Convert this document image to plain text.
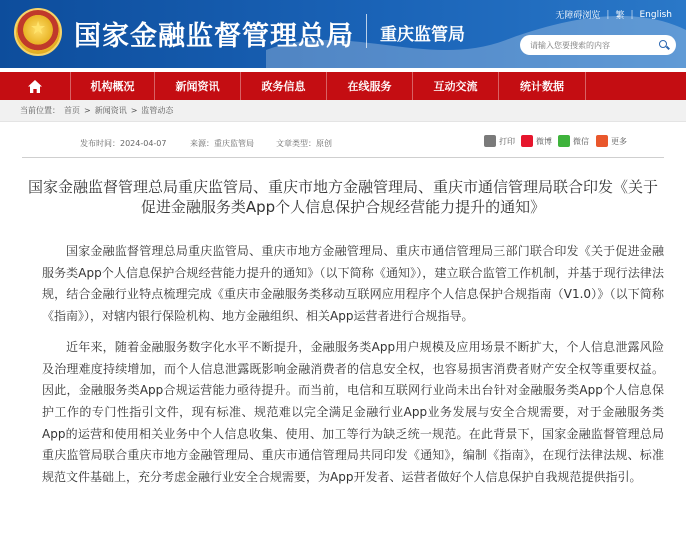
★ 国家金融监督管理总局 重庆监管局
无障碍浏览 | 繁 | English
请输入您要搜索的内容
机构概况	新闻资讯	政务信息	在线服务	互动交流	统计数据
当前位置： 首页 > 新闻资讯 > 监管动态
发布时间：2024-04-07	来源：重庆监管局	文章类型：原创	打印	微博	微信	更多
国家金融监督管理总局重庆监管局、重庆市地方金融管理局、重庆市通信管理局联合印发《关于促进金融服务类App个人信息保护合规经营能力提升的通知》

国家金融监督管理总局重庆监管局、重庆市地方金融管理局、重庆市通信管理局三部门联合印发《关于促进金融服务类App个人信息保护合规经营能力提升的通知》（以下简称《通知》），建立联合监管工作机制，并基于现行法律法规，结合金融行业特点梳理完成《重庆市金融服务类移动互联网应用程序个人信息保护合规指南（V1.0）》（以下简称《指南》），对辖内银行保险机构、地方金融组织、相关App运营者进行合规指导。

近年来，随着金融服务数字化水平不断提升，金融服务类App用户规模及应用场景不断扩大，个人信息泄露风险及治理难度持续增加，而个人信息泄露既影响金融消费者的信息安全权，也容易损害消费者财产安全权等重要权益。因此，金融服务类App合规运营能力亟待提升。而当前，电信和互联网行业尚未出台针对金融服务类App个人信息保护工作的专门性指引文件，现有标准、规范难以完全满足金融行业App业务发展与安全合规需要，对于金融服务类App的运营和使用相关业务中个人信息收集、使用、加工等行为缺乏统一规范。在此背景下，国家金融监督管理总局重庆监管局联合重庆市地方金融管理局、重庆市通信管理局共同印发《通知》，编制《指南》，在现行法律法规、标准规范文件基础上，充分考虑金融行业安全合规需要，为App开发者、运营者做好个人信息保护自我规范提供指引。
